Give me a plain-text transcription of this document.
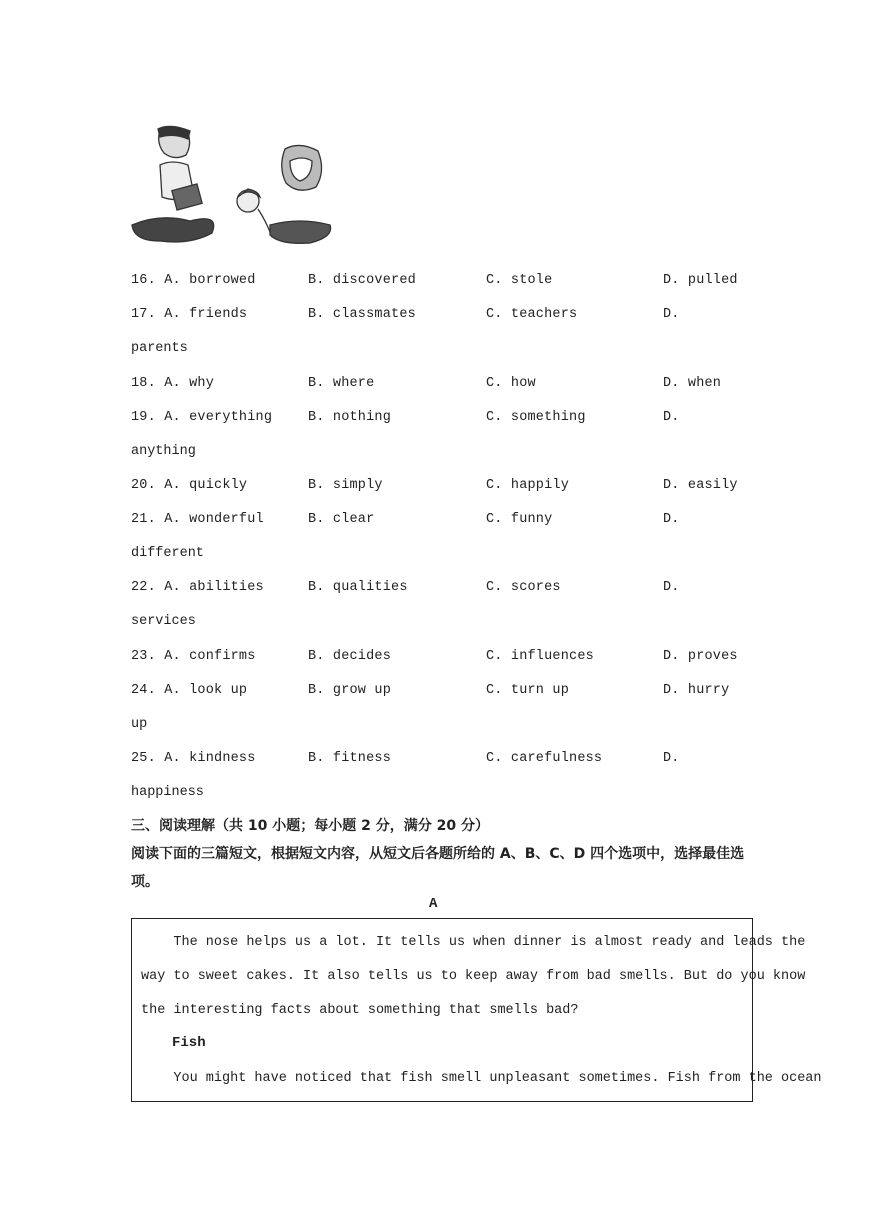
16. A. borrowed	B. discovered	C. stole	D. pulled
17. A. friends	B. classmates	C. teachers	D.
parents
18. A. why	B. where	C. how	D. when
19. A. everything	B. nothing	C. something	D.
anything
20. A. quickly	B. simply	C. happily	D. easily
21. A. wonderful	B. clear	C. funny	D.
different
22. A. abilities	B. qualities	C. scores	D.
services
23. A. confirms	B. decides	C. influences	D. proves
24. A. look up	B. grow up	C. turn up	D. hurry
up
25. A. kindness	B. fitness	C. carefulness	D.
happiness
三、阅读理解（共 10 小题；每小题 2 分，满分 20 分）
阅读下面的三篇短文，根据短文内容，从短文后各题所给的 A、B、C、D 四个选项中，选择最佳选项。
A
The nose helps us a lot. It tells us when dinner is almost ready and leads the
way to sweet cakes. It also tells us to keep away from bad smells. But do you know
the interesting facts about something that smells bad?
Fish
You might have noticed that fish smell unpleasant sometimes. Fish from the ocean
